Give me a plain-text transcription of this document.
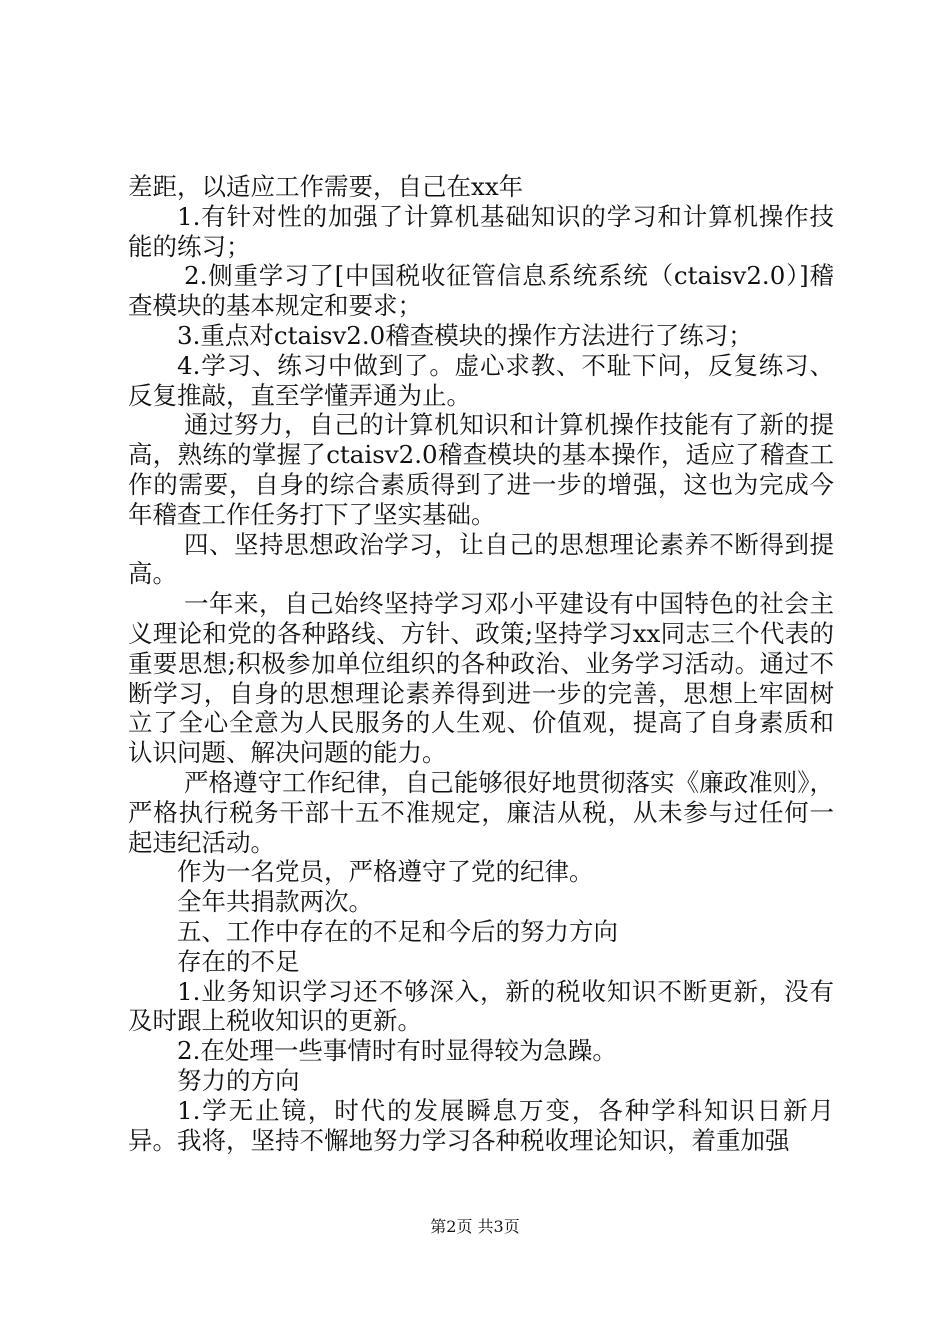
差距，以适应工作需要，自己在xx年

1.有针对性的加强了计算机基础知识的学习和计算机操作技能的练习；

2.侧重学习了[中国税收征管信息系统系统（ctaisv2.0）]稽查模块的基本规定和要求；

3.重点对ctaisv2.0稽查模块的操作方法进行了练习；

4.学习、练习中做到了。虚心求教、不耻下问，反复练习、反复推敲，直至学懂弄通为止。

通过努力，自己的计算机知识和计算机操作技能有了新的提高，熟练的掌握了ctaisv2.0稽查模块的基本操作，适应了稽查工作的需要，自身的综合素质得到了进一步的增强，这也为完成今年稽查工作任务打下了坚实基础。

四、坚持思想政治学习，让自己的思想理论素养不断得到提高。

一年来，自己始终坚持学习邓小平建设有中国特色的社会主义理论和党的各种路线、方针、政策;坚持学习xx同志三个代表的重要思想;积极参加单位组织的各种政治、业务学习活动。通过不断学习，自身的思想理论素养得到进一步的完善，思想上牢固树立了全心全意为人民服务的人生观、价值观，提高了自身素质和认识问题、解决问题的能力。

严格遵守工作纪律，自己能够很好地贯彻落实《廉政准则》，严格执行税务干部十五不准规定，廉洁从税，从未参与过任何一起违纪活动。

作为一名党员，严格遵守了党的纪律。

全年共捐款两次。

五、工作中存在的不足和今后的努力方向

存在的不足

1.业务知识学习还不够深入，新的税收知识不断更新，没有及时跟上税收知识的更新。

2.在处理一些事情时有时显得较为急躁。

努力的方向

1.学无止镜，时代的发展瞬息万变，各种学科知识日新月异。我将，坚持不懈地努力学习各种税收理论知识，着重加强

第2页 共3页
